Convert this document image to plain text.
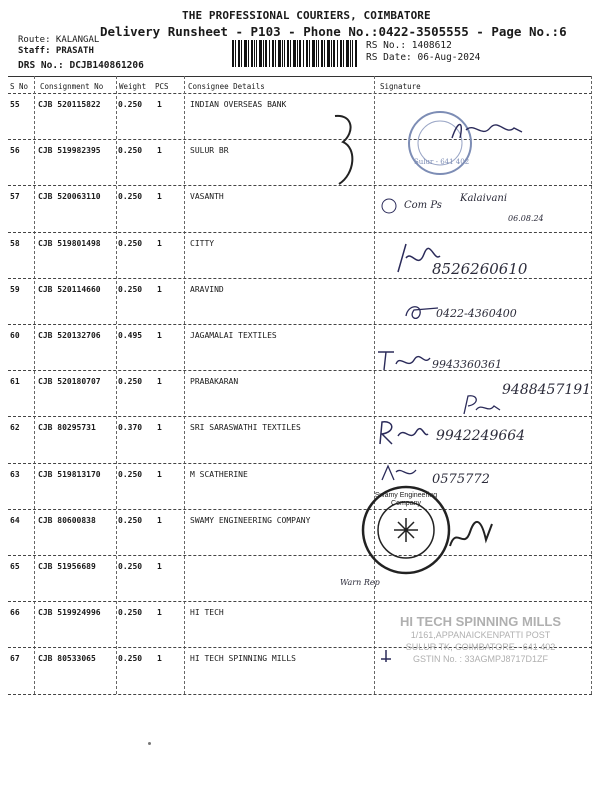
THE PROFESSIONAL COURIERS, COIMBATORE
Delivery Runsheet - P103 - Phone No.:0422-3505555 - Page No.:6
Route: KALANGAL
Staff: PRASATH
DRS No.: DCJB140861206
RS No.: 1408612
RS Date: 06-Aug-2024
S No Consignment No Weight PCS	Consignee Details	Signature
55 CJB 520115822 0.250 1	INDIAN OVERSEAS BANK
56 CJB 519982395 0.250 1	SULUR BR
57 CJB 520063110 0.250 1	VASANTH
58 CJB 519801498 0.250 1	CITTY
59 CJB 520114660 0.250 1	ARAVIND
60 CJB 520132706 0.495 1	JAGAMALAI TEXTILES
61 CJB 520180707 0.250 1	PRABAKARAN
62 CJB 80295731	0.370 1	SRI SARASWATHI TEXTILES
63 CJB 519813170 0.250 1	M SCATHERINE
64 CJB 80600838	0.250 1	SWAMY ENGINEERING COMPANY
65 CJB 51956689	0.250 1
66 CJB 519924996 0.250 1	HI TECH
67 CJB 80533065	0.250 1	HI TECH SPINNING MILLS
Sulur - 641 402
Com Ps
Kalaivani
06.08.24
8526260610
0422-4360400
9943360361
9488457191
9942249664
0575772
Swamy Engineering Company
Warn Rep
HI TECH SPINNING MILLS
1/161,APPANAICKENPATTI POST
SULUR TK, COIMBATORE - 641 402
GSTIN No. : 33AGMPJ8717D1ZF
